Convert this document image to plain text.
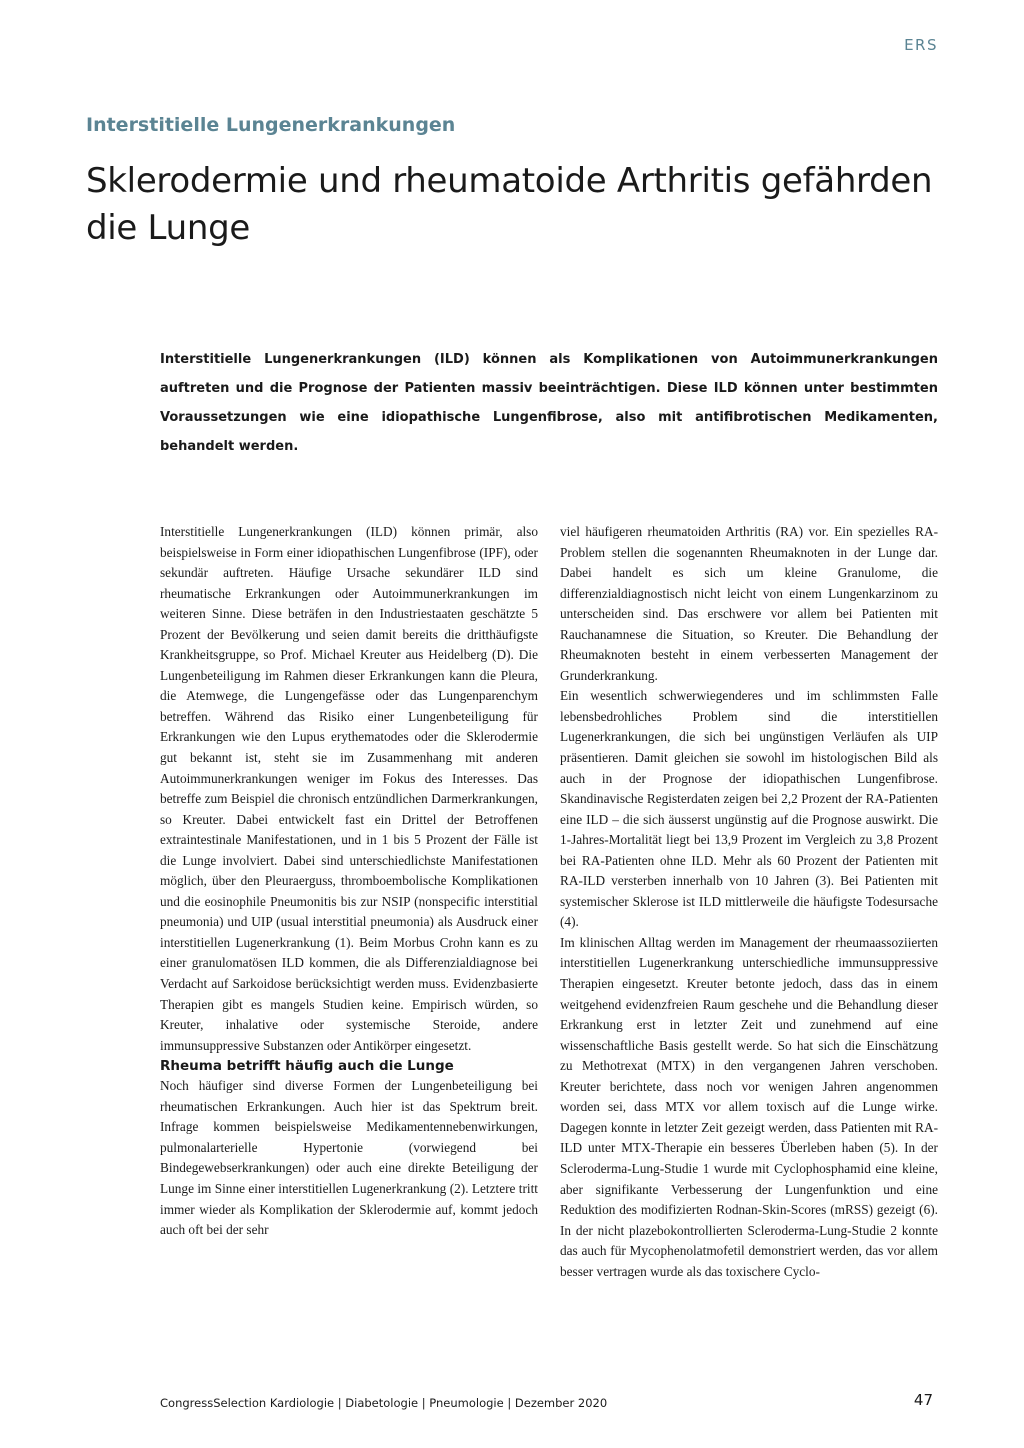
ERS
Interstitielle Lungenerkrankungen
Sklerodermie und rheumatoide Arthritis gefährden die Lunge

Interstitielle Lungenerkrankungen (ILD) können als Komplikationen von Autoimmunerkrankungen auftreten und die Prognose der Patienten massiv beeinträchtigen. Diese ILD können unter bestimmten Voraussetzungen wie eine idiopathische Lungenfibrose, also mit antifibrotischen Medikamenten, behandelt werden.

Interstitielle Lungenerkrankungen (ILD) können primär, also beispielsweise in Form einer idiopathischen Lungenfibrose (IPF), oder sekundär auftreten. Häufige Ursache sekundärer ILD sind rheumatische Erkrankungen oder Autoimmunerkrankungen im weiteren Sinne. Diese beträfen in den Industriestaaten geschätzte 5 Prozent der Bevölkerung und seien damit bereits die dritthäufigste Krankheitsgruppe, so Prof. Michael Kreuter aus Heidelberg (D). Die Lungenbeteiligung im Rahmen dieser Erkrankungen kann die Pleura, die Atemwege, die Lungengefässe oder das Lungenparenchym betreffen. Während das Risiko einer Lungenbeteiligung für Erkrankungen wie den Lupus erythematodes oder die Sklerodermie gut bekannt ist, steht sie im Zusammenhang mit anderen Autoimmunerkrankungen weniger im Fokus des Interesses. Das betreffe zum Beispiel die chronisch entzündlichen Darmerkrankungen, so Kreuter. Dabei entwickelt fast ein Drittel der Betroffenen extraintestinale Manifestationen, und in 1 bis 5 Prozent der Fälle ist die Lunge involviert. Dabei sind unterschiedlichste Manifestationen möglich, über den Pleuraerguss, thromboembolische Komplikationen und die eosinophile Pneumonitis bis zur NSIP (nonspecific interstitial pneumonia) und UIP (usual interstitial pneumonia) als Ausdruck einer interstitiellen Lugenerkrankung (1). Beim Morbus Crohn kann es zu einer granulomatösen ILD kommen, die als Differenzialdiagnose bei Verdacht auf Sarkoidose berücksichtigt werden muss. Evidenzbasierte Therapien gibt es mangels Studien keine. Empirisch würden, so Kreuter, inhalative oder systemische Steroide, andere immunsuppressive Substanzen oder Antikörper eingesetzt.

Rheuma betrifft häufig auch die Lunge

Noch häufiger sind diverse Formen der Lungenbeteiligung bei rheumatischen Erkrankungen. Auch hier ist das Spektrum breit. Infrage kommen beispielsweise Medikamentennebenwirkungen, pulmonalarterielle Hypertonie (vorwiegend bei Bindegewebserkrankungen) oder auch eine direkte Beteiligung der Lunge im Sinne einer interstitiellen Lugenerkrankung (2). Letztere tritt immer wieder als Komplikation der Sklerodermie auf, kommt jedoch auch oft bei der sehr

viel häufigeren rheumatoiden Arthritis (RA) vor. Ein spezielles RA-Problem stellen die sogenannten Rheumaknoten in der Lunge dar. Dabei handelt es sich um kleine Granulome, die differenzialdiagnostisch nicht leicht von einem Lungenkarzinom zu unterscheiden sind. Das erschwere vor allem bei Patienten mit Rauchanamnese die Situation, so Kreuter. Die Behandlung der Rheumaknoten besteht in einem verbesserten Management der Grunderkrankung.

Ein wesentlich schwerwiegenderes und im schlimmsten Falle lebensbedrohliches Problem sind die interstitiellen Lugenerkrankungen, die sich bei ungünstigen Verläufen als UIP präsentieren. Damit gleichen sie sowohl im histologischen Bild als auch in der Prognose der idiopathischen Lungenfibrose. Skandinavische Registerdaten zeigen bei 2,2 Prozent der RA-Patienten eine ILD – die sich äusserst ungünstig auf die Prognose auswirkt. Die 1-Jahres-Mortalität liegt bei 13,9 Prozent im Vergleich zu 3,8 Prozent bei RA-Patienten ohne ILD. Mehr als 60 Prozent der Patienten mit RA-ILD versterben innerhalb von 10 Jahren (3). Bei Patienten mit systemischer Sklerose ist ILD mittlerweile die häufigste Todesursache (4).

Im klinischen Alltag werden im Management der rheumaassoziierten interstitiellen Lugenerkrankung unterschiedliche immunsuppressive Therapien eingesetzt. Kreuter betonte jedoch, dass das in einem weitgehend evidenzfreien Raum geschehe und die Behandlung dieser Erkrankung erst in letzter Zeit und zunehmend auf eine wissenschaftliche Basis gestellt werde. So hat sich die Einschätzung zu Methotrexat (MTX) in den vergangenen Jahren verschoben. Kreuter berichtete, dass noch vor wenigen Jahren angenommen worden sei, dass MTX vor allem toxisch auf die Lunge wirke. Dagegen konnte in letzter Zeit gezeigt werden, dass Patienten mit RA-ILD unter MTX-Therapie ein besseres Überleben haben (5). In der Scleroderma-Lung-Studie 1 wurde mit Cyclophosphamid eine kleine, aber signifikante Verbesserung der Lungenfunktion und eine Reduktion des modifizierten Rodnan-Skin-Scores (mRSS) gezeigt (6). In der nicht plazebokontrollierten Scleroderma-Lung-Studie 2 konnte das auch für Mycophenolatmofetil demonstriert werden, das vor allem besser vertragen wurde als das toxischere Cyclo-

CongressSelection Kardiologie | Diabetologie | Pneumologie | Dezember 2020	47
